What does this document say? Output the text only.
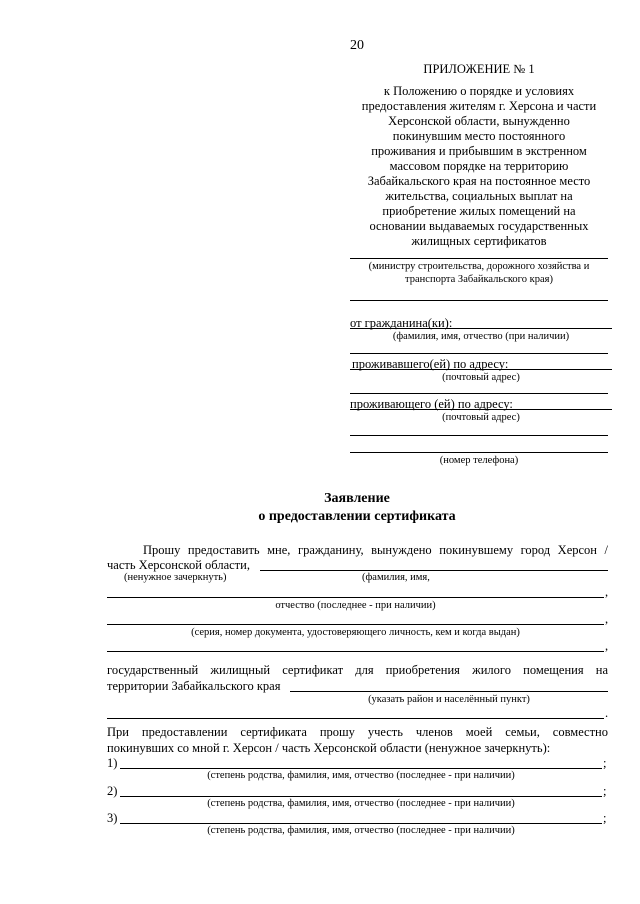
20
ПРИЛОЖЕНИЕ № 1
к Положению о порядке и условиях
предоставления жителям г. Херсона и части
Херсонской области, вынужденно
покинувшим место постоянного
проживания и прибывшим в экстренном
массовом порядке на территорию
Забайкальского края на постоянное место
жительства, социальных выплат на
приобретение жилых помещений на
основании выдаваемых государственных
жилищных сертификатов
(министру строительства, дорожного хозяйства и
транспорта Забайкальского края)
от гражданина(ки):
(фамилия, имя, отчество (при наличии)
проживавшего(ей) по адресу:
(почтовый адрес)
проживающего (ей) по адресу:
(почтовый адрес)
(номер телефона)
Заявление
о предоставлении сертификата
Прошу предоставить мне, гражданину, вынуждено покинувшему город Херсон /
часть Херсонской области,
(ненужное зачеркнуть)	(фамилия, имя,
,
отчество (последнее - при наличии)
,
(серия, номер документа, удостоверяющего личность, кем и когда выдан)
,
государственный жилищный сертификат для приобретения жилого помещения на
территории Забайкальского края
(указать район и населённый пункт)
.
При предоставлении сертификата прошу учесть членов моей семьи, совместно
покинувших со мной г. Херсон / часть Херсонской области (ненужное зачеркнуть):
1)	;
(степень родства, фамилия, имя, отчество (последнее - при наличии)
2)	;
(степень родства, фамилия, имя, отчество (последнее - при наличии)
3)	;
(степень родства, фамилия, имя, отчество (последнее - при наличии)
